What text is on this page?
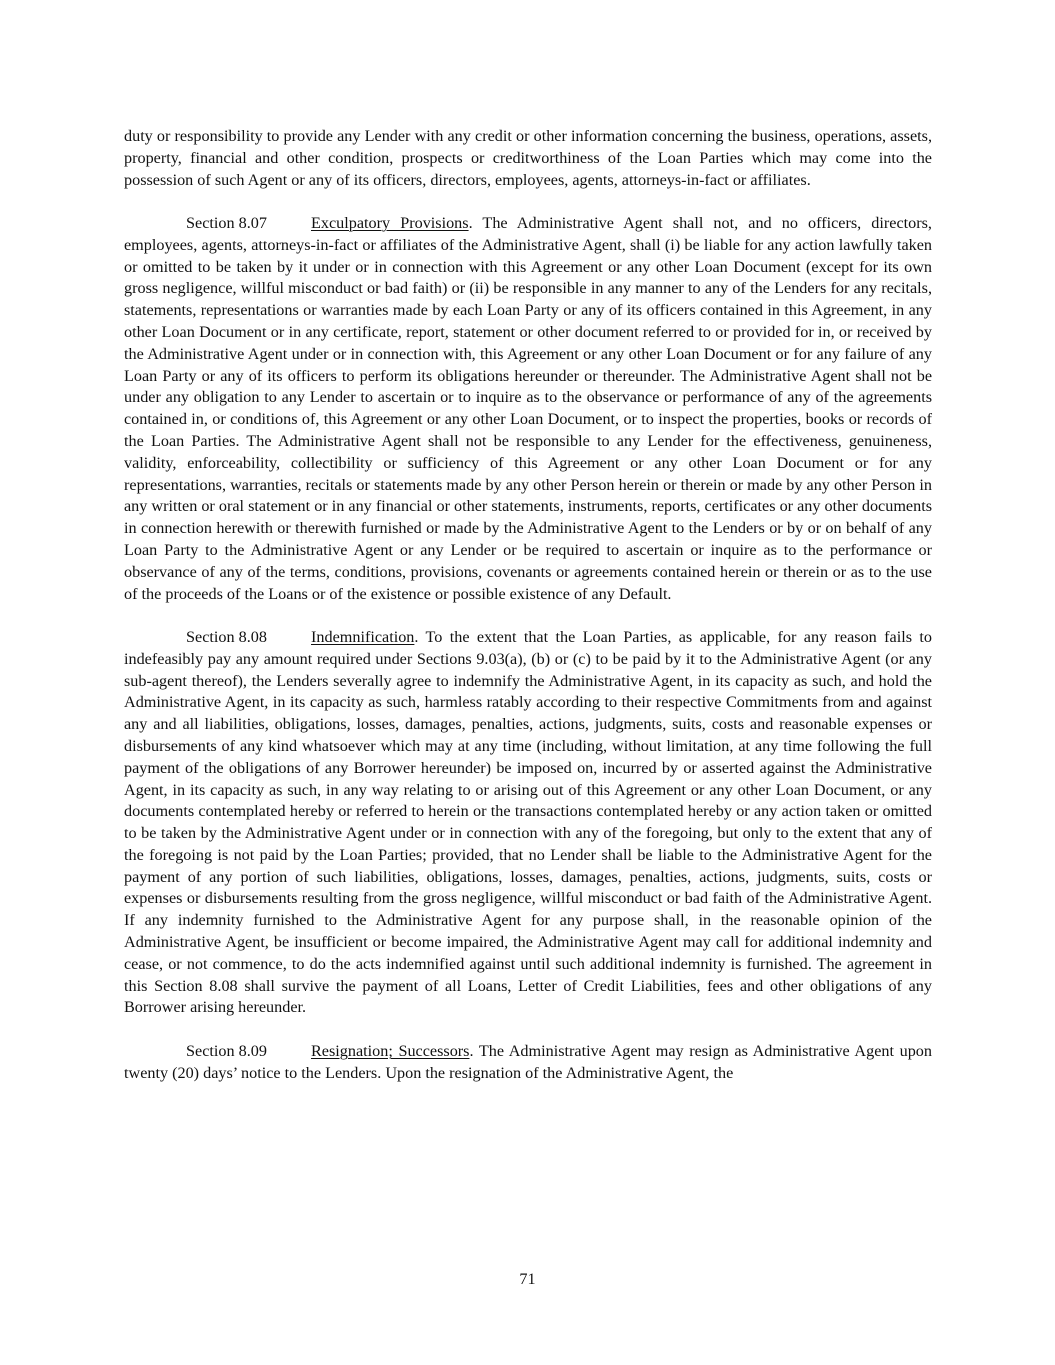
duty or responsibility to provide any Lender with any credit or other information concerning the business, operations, assets, property, financial and other condition, prospects or creditworthiness of the Loan Parties which may come into the possession of such Agent or any of its officers, directors, employees, agents, attorneys-in-fact or affiliates.

Section 8.07	Exculpatory Provisions. The Administrative Agent shall not, and no officers, directors, employees, agents, attorneys-in-fact or affiliates of the Administrative Agent, shall (i) be liable for any action lawfully taken or omitted to be taken by it under or in connection with this Agreement or any other Loan Document (except for its own gross negligence, willful misconduct or bad faith) or (ii) be responsible in any manner to any of the Lenders for any recitals, statements, representations or warranties made by each Loan Party or any of its officers contained in this Agreement, in any other Loan Document or in any certificate, report, statement or other document referred to or provided for in, or received by the Administrative Agent under or in connection with, this Agreement or any other Loan Document or for any failure of any Loan Party or any of its officers to perform its obligations hereunder or thereunder. The Administrative Agent shall not be under any obligation to any Lender to ascertain or to inquire as to the observance or performance of any of the agreements contained in, or conditions of, this Agreement or any other Loan Document, or to inspect the properties, books or records of the Loan Parties. The Administrative Agent shall not be responsible to any Lender for the effectiveness, genuineness, validity, enforceability, collectibility or sufficiency of this Agreement or any other Loan Document or for any representations, warranties, recitals or statements made by any other Person herein or therein or made by any other Person in any written or oral statement or in any financial or other statements, instruments, reports, certificates or any other documents in connection herewith or therewith furnished or made by the Administrative Agent to the Lenders or by or on behalf of any Loan Party to the Administrative Agent or any Lender or be required to ascertain or inquire as to the performance or observance of any of the terms, conditions, provisions, covenants or agreements contained herein or therein or as to the use of the proceeds of the Loans or of the existence or possible existence of any Default.

Section 8.08	Indemnification. To the extent that the Loan Parties, as applicable, for any reason fails to indefeasibly pay any amount required under Sections 9.03(a), (b) or (c) to be paid by it to the Administrative Agent (or any sub-agent thereof), the Lenders severally agree to indemnify the Administrative Agent, in its capacity as such, and hold the Administrative Agent, in its capacity as such, harmless ratably according to their respective Commitments from and against any and all liabilities, obligations, losses, damages, penalties, actions, judgments, suits, costs and reasonable expenses or disbursements of any kind whatsoever which may at any time (including, without limitation, at any time following the full payment of the obligations of any Borrower hereunder) be imposed on, incurred by or asserted against the Administrative Agent, in its capacity as such, in any way relating to or arising out of this Agreement or any other Loan Document, or any documents contemplated hereby or referred to herein or the transactions contemplated hereby or any action taken or omitted to be taken by the Administrative Agent under or in connection with any of the foregoing, but only to the extent that any of the foregoing is not paid by the Loan Parties; provided, that no Lender shall be liable to the Administrative Agent for the payment of any portion of such liabilities, obligations, losses, damages, penalties, actions, judgments, suits, costs or expenses or disbursements resulting from the gross negligence, willful misconduct or bad faith of the Administrative Agent. If any indemnity furnished to the Administrative Agent for any purpose shall, in the reasonable opinion of the Administrative Agent, be insufficient or become impaired, the Administrative Agent may call for additional indemnity and cease, or not commence, to do the acts indemnified against until such additional indemnity is furnished. The agreement in this Section 8.08 shall survive the payment of all Loans, Letter of Credit Liabilities, fees and other obligations of any Borrower arising hereunder.

Section 8.09	Resignation; Successors. The Administrative Agent may resign as Administrative Agent upon twenty (20) days’ notice to the Lenders. Upon the resignation of the Administrative Agent, the

71
